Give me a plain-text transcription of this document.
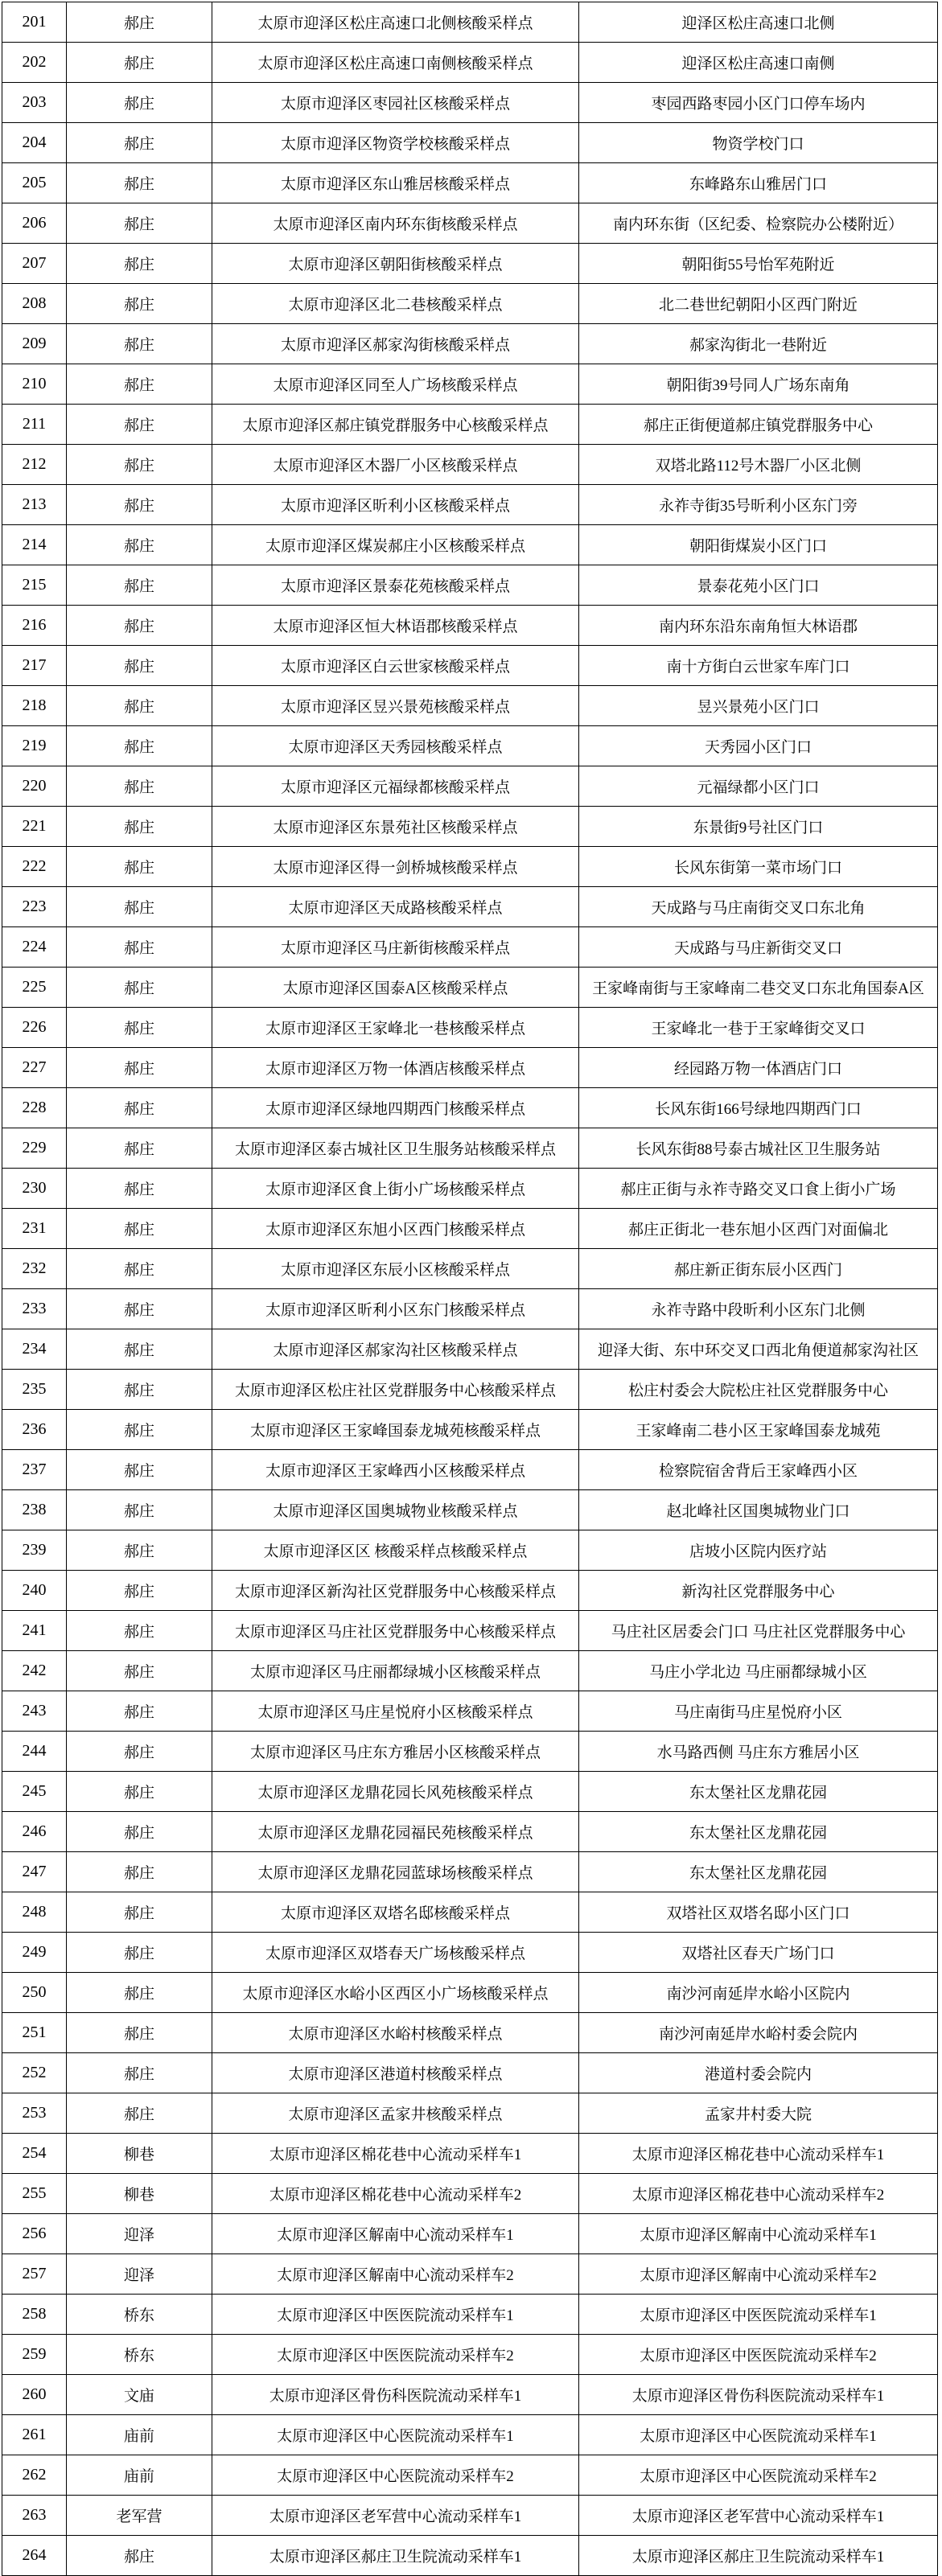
201	郝庄	太原市迎泽区松庄高速口北侧核酸采样点	迎泽区松庄高速口北侧
202	郝庄	太原市迎泽区松庄高速口南侧核酸采样点	迎泽区松庄高速口南侧
203	郝庄	太原市迎泽区枣园社区核酸采样点	枣园西路枣园小区门口停车场内
204	郝庄	太原市迎泽区物资学校核酸采样点	物资学校门口
205	郝庄	太原市迎泽区东山雅居核酸采样点	东峰路东山雅居门口
206	郝庄	太原市迎泽区南内环东街核酸采样点	南内环东街（区纪委、检察院办公楼附近）
207	郝庄	太原市迎泽区朝阳街核酸采样点	朝阳街55号怡军苑附近
208	郝庄	太原市迎泽区北二巷核酸采样点	北二巷世纪朝阳小区西门附近
209	郝庄	太原市迎泽区郝家沟街核酸采样点	郝家沟街北一巷附近
210	郝庄	太原市迎泽区同至人广场核酸采样点	朝阳街39号同人广场东南角
211	郝庄	太原市迎泽区郝庄镇党群服务中心核酸采样点	郝庄正街便道郝庄镇党群服务中心
212	郝庄	太原市迎泽区木器厂小区核酸采样点	双塔北路112号木器厂小区北侧
213	郝庄	太原市迎泽区昕利小区核酸采样点	永祚寺街35号昕利小区东门旁
214	郝庄	太原市迎泽区煤炭郝庄小区核酸采样点	朝阳街煤炭小区门口
215	郝庄	太原市迎泽区景泰花苑核酸采样点	景泰花苑小区门口
216	郝庄	太原市迎泽区恒大林语郡核酸采样点	南内环东沿东南角恒大林语郡
217	郝庄	太原市迎泽区白云世家核酸采样点	南十方街白云世家车库门口
218	郝庄	太原市迎泽区昱兴景苑核酸采样点	昱兴景苑小区门口
219	郝庄	太原市迎泽区天秀园核酸采样点	天秀园小区门口
220	郝庄	太原市迎泽区元福绿都核酸采样点	元福绿都小区门口
221	郝庄	太原市迎泽区东景苑社区核酸采样点	东景街9号社区门口
222	郝庄	太原市迎泽区得一剑桥城核酸采样点	长风东街第一菜市场门口
223	郝庄	太原市迎泽区天成路核酸采样点	天成路与马庄南街交叉口东北角
224	郝庄	太原市迎泽区马庄新街核酸采样点	天成路与马庄新街交叉口
225	郝庄	太原市迎泽区国泰A区核酸采样点	王家峰南街与王家峰南二巷交叉口东北角国泰A区
226	郝庄	太原市迎泽区王家峰北一巷核酸采样点	王家峰北一巷于王家峰街交叉口
227	郝庄	太原市迎泽区万物一体酒店核酸采样点	经园路万物一体酒店门口
228	郝庄	太原市迎泽区绿地四期西门核酸采样点	长风东街166号绿地四期西门口
229	郝庄	太原市迎泽区泰古城社区卫生服务站核酸采样点	长风东街88号泰古城社区卫生服务站
230	郝庄	太原市迎泽区食上街小广场核酸采样点	郝庄正街与永祚寺路交叉口食上街小广场
231	郝庄	太原市迎泽区东旭小区西门核酸采样点	郝庄正街北一巷东旭小区西门对面偏北
232	郝庄	太原市迎泽区东辰小区核酸采样点	郝庄新正街东辰小区西门
233	郝庄	太原市迎泽区昕利小区东门核酸采样点	永祚寺路中段昕利小区东门北侧
234	郝庄	太原市迎泽区郝家沟社区核酸采样点	迎泽大街、东中环交叉口西北角便道郝家沟社区
235	郝庄	太原市迎泽区松庄社区党群服务中心核酸采样点	松庄村委会大院松庄社区党群服务中心
236	郝庄	太原市迎泽区王家峰国泰龙城苑核酸采样点	王家峰南二巷小区王家峰国泰龙城苑
237	郝庄	太原市迎泽区王家峰西小区核酸采样点	检察院宿舍背后王家峰西小区
238	郝庄	太原市迎泽区国奥城物业核酸采样点	赵北峰社区国奥城物业门口
239	郝庄	太原市迎泽区区 核酸采样点核酸采样点	店坡小区院内医疗站
240	郝庄	太原市迎泽区新沟社区党群服务中心核酸采样点	新沟社区党群服务中心
241	郝庄	太原市迎泽区马庄社区党群服务中心核酸采样点	马庄社区居委会门口 马庄社区党群服务中心
242	郝庄	太原市迎泽区马庄丽都绿城小区核酸采样点	马庄小学北边 马庄丽都绿城小区
243	郝庄	太原市迎泽区马庄星悦府小区核酸采样点	马庄南街马庄星悦府小区
244	郝庄	太原市迎泽区马庄东方雅居小区核酸采样点	水马路西侧 马庄东方雅居小区
245	郝庄	太原市迎泽区龙鼎花园长风苑核酸采样点	东太堡社区龙鼎花园
246	郝庄	太原市迎泽区龙鼎花园福民苑核酸采样点	东太堡社区龙鼎花园
247	郝庄	太原市迎泽区龙鼎花园蓝球场核酸采样点	东太堡社区龙鼎花园
248	郝庄	太原市迎泽区双塔名邸核酸采样点	双塔社区双塔名邸小区门口
249	郝庄	太原市迎泽区双塔春天广场核酸采样点	双塔社区春天广场门口
250	郝庄	太原市迎泽区水峪小区西区小广场核酸采样点	南沙河南延岸水峪小区院内
251	郝庄	太原市迎泽区水峪村核酸采样点	南沙河南延岸水峪村委会院内
252	郝庄	太原市迎泽区港道村核酸采样点	港道村委会院内
253	郝庄	太原市迎泽区孟家井核酸采样点	孟家井村委大院
254	柳巷	太原市迎泽区棉花巷中心流动采样车1	太原市迎泽区棉花巷中心流动采样车1
255	柳巷	太原市迎泽区棉花巷中心流动采样车2	太原市迎泽区棉花巷中心流动采样车2
256	迎泽	太原市迎泽区解南中心流动采样车1	太原市迎泽区解南中心流动采样车1
257	迎泽	太原市迎泽区解南中心流动采样车2	太原市迎泽区解南中心流动采样车2
258	桥东	太原市迎泽区中医医院流动采样车1	太原市迎泽区中医医院流动采样车1
259	桥东	太原市迎泽区中医医院流动采样车2	太原市迎泽区中医医院流动采样车2
260	文庙	太原市迎泽区骨伤科医院流动采样车1	太原市迎泽区骨伤科医院流动采样车1
261	庙前	太原市迎泽区中心医院流动采样车1	太原市迎泽区中心医院流动采样车1
262	庙前	太原市迎泽区中心医院流动采样车2	太原市迎泽区中心医院流动采样车2
263	老军营	太原市迎泽区老军营中心流动采样车1	太原市迎泽区老军营中心流动采样车1
264	郝庄	太原市迎泽区郝庄卫生院流动采样车1	太原市迎泽区郝庄卫生院流动采样车1
